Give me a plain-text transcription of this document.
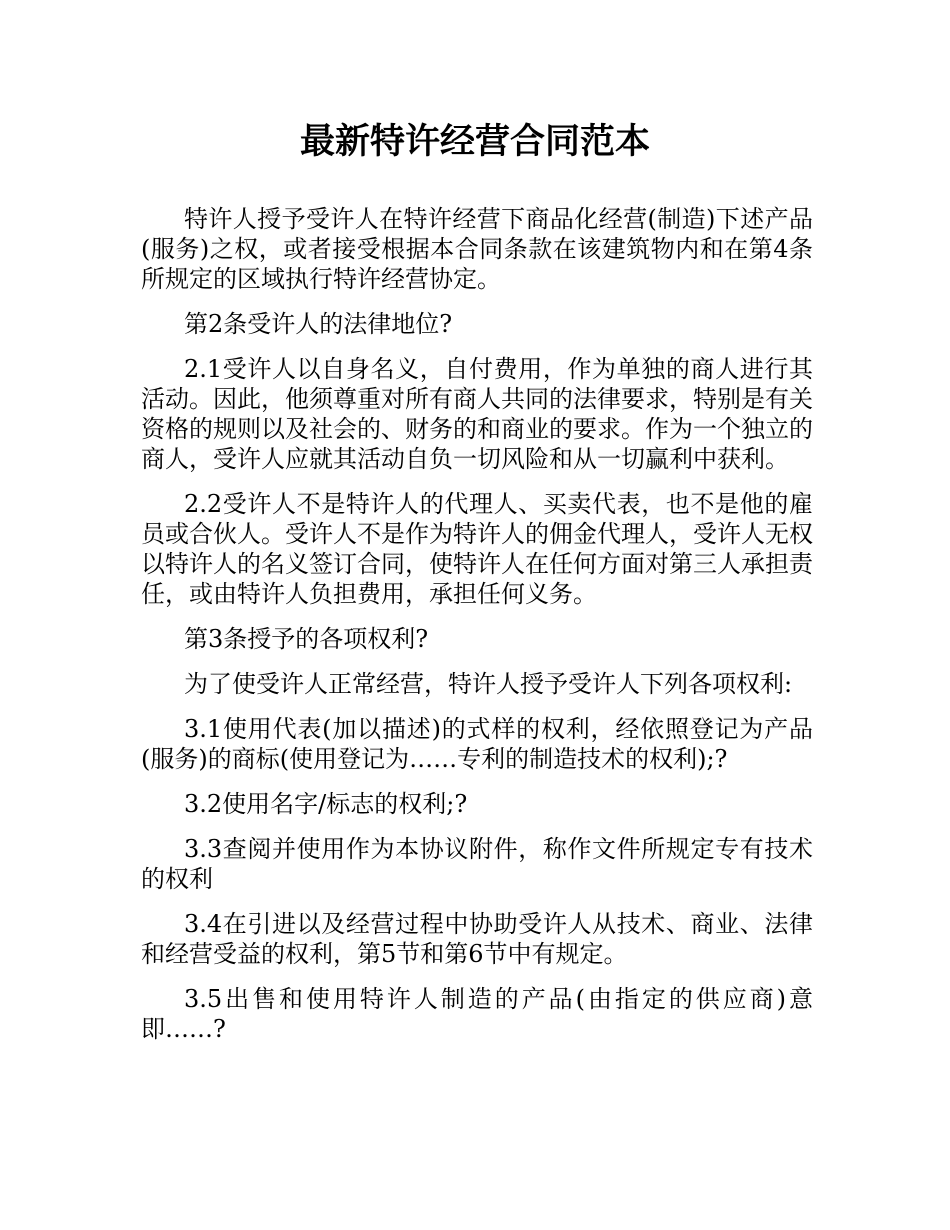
最新特许经营合同范本

特许人授予受许人在特许经营下商品化经营(制造)下述产品(服务)之权，或者接受根据本合同条款在该建筑物内和在第4条所规定的区域执行特许经营协定。

第2条受许人的法律地位?

2.1受许人以自身名义，自付费用，作为单独的商人进行其活动。因此，他须尊重对所有商人共同的法律要求，特别是有关资格的规则以及社会的、财务的和商业的要求。作为一个独立的商人，受许人应就其活动自负一切风险和从一切赢利中获利。

2.2受许人不是特许人的代理人、买卖代表，也不是他的雇员或合伙人。受许人不是作为特许人的佣金代理人，受许人无权以特许人的名义签订合同，使特许人在任何方面对第三人承担责任，或由特许人负担费用，承担任何义务。

第3条授予的各项权利?

为了使受许人正常经营，特许人授予受许人下列各项权利:

3.1使用代表(加以描述)的式样的权利，经依照登记为产品(服务)的商标(使用登记为……专利的制造技术的权利);?

3.2使用名字/标志的权利;?

3.3查阅并使用作为本协议附件，称作文件所规定专有技术的权利

3.4在引进以及经营过程中协助受许人从技术、商业、法律和经营受益的权利，第5节和第6节中有规定。

3.5出售和使用特许人制造的产品(由指定的供应商)意即……?
